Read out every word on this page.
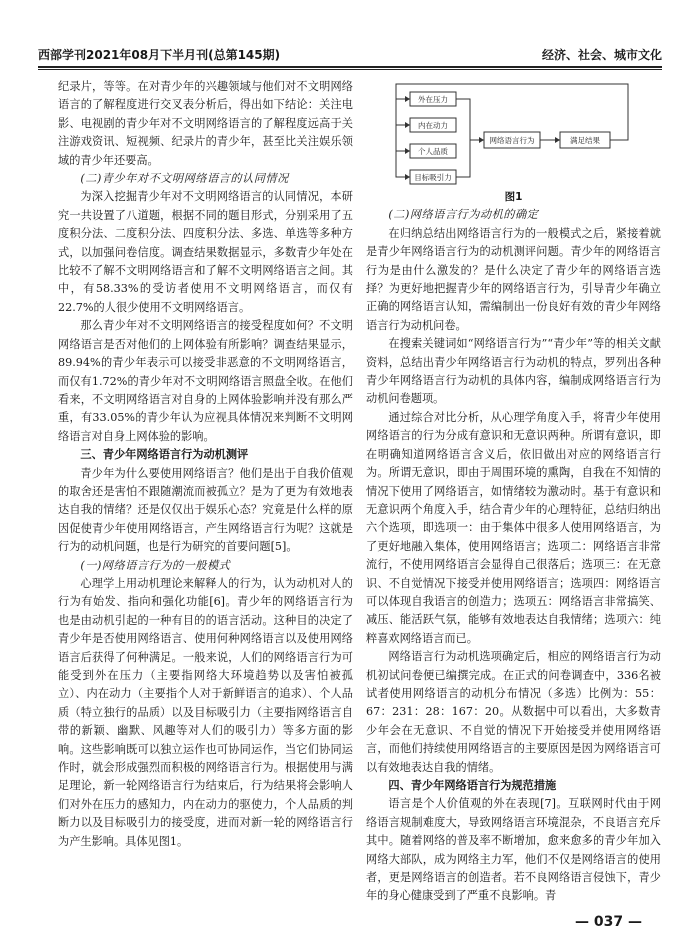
西部学刊2021年08月下半月刊(总第145期)	经济、社会、城市文化

纪录片，等等。在对青少年的兴趣领域与他们对不文明网络语言的了解程度进行交叉表分析后，得出如下结论：关注电影、电视剧的青少年对不文明网络语言的了解程度远高于关注游戏资讯、短视频、纪录片的青少年，甚至比关注娱乐领域的青少年还要高。

(二)青少年对不文明网络语言的认同情况

为深入挖掘青少年对不文明网络语言的认同情况，本研究一共设置了八道题，根据不同的题目形式，分别采用了五度积分法、二度积分法、四度积分法、多选、单选等多种方式，以加强问卷信度。调查结果数据显示，多数青少年处在比较不了解不文明网络语言和了解不文明网络语言之间。其中，有58.33%的受访者使用不文明网络语言，而仅有22.7%的人很少使用不文明网络语言。

那么青少年对不文明网络语言的接受程度如何？不文明网络语言是否对他们的上网体验有所影响？调查结果显示，89.94%的青少年表示可以接受非恶意的不文明网络语言，而仅有1.72%的青少年对不文明网络语言照盘全收。在他们看来，不文明网络语言对自身的上网体验影响并没有那么严重，有33.05%的青少年认为应视具体情况来判断不文明网络语言对自身上网体验的影响。

三、青少年网络语言行为动机测评

青少年为什么要使用网络语言？他们是出于自我价值观的取舍还是害怕不跟随潮流而被孤立？是为了更为有效地表达自我的情绪？还是仅仅出于娱乐心态？究竟是什么样的原因促使青少年使用网络语言，产生网络语言行为呢？这就是行为的动机问题，也是行为研究的首要问题[5]。

(一)网络语言行为的一般模式

心理学上用动机理论来解释人的行为，认为动机对人的行为有始发、指向和强化功能[6]。青少年的网络语言行为也是由动机引起的一种有目的的语言活动。这种目的决定了青少年是否使用网络语言、使用何种网络语言以及使用网络语言后获得了何种满足。一般来说，人们的网络语言行为可能受到外在压力（主要指网络大环境趋势以及害怕被孤立）、内在动力（主要指个人对于新鲜语言的追求）、个人品质（特立独行的品质）以及目标吸引力（主要指网络语言自带的新颖、幽默、风趣等对人们的吸引力）等多方面的影响。这些影响既可以独立运作也可协同运作，当它们协同运作时，就会形成强烈而积极的网络语言行为。根据使用与满足理论，新一轮网络语言行为结束后，行为结果将会影响人们对外在压力的感知力，内在动力的驱使力，个人品质的判断力以及目标吸引力的接受度，进而对新一轮的网络语言行为产生影响。具体见图1。

外在压力
内在动力
个人品质
目标吸引力
网络语言行为	满足结果

图1

(二)网络语言行为动机的确定

在归纳总结出网络语言行为的一般模式之后，紧接着就是青少年网络语言行为的动机测评问题。青少年的网络语言行为是由什么激发的？是什么决定了青少年的网络语言选择？为更好地把握青少年的网络语言行为，引导青少年确立正确的网络语言认知，需编制出一份良好有效的青少年网络语言行为动机问卷。

在搜索关键词如“网络语言行为”“青少年”等的相关文献资料，总结出青少年网络语言行为动机的特点，罗列出各种青少年网络语言行为动机的具体内容，编制成网络语言行为动机问卷题项。

通过综合对比分析，从心理学角度入手，将青少年使用网络语言的行为分成有意识和无意识两种。所谓有意识，即在明确知道网络语言含义后，依旧做出对应的网络语言行为。所谓无意识，即由于周围环境的熏陶，自我在不知情的情况下使用了网络语言，如情绪较为激动时。基于有意识和无意识两个角度入手，结合青少年的心理特征，总结归纳出六个选项，即选项一：由于集体中很多人使用网络语言，为了更好地融入集体，使用网络语言；选项二：网络语言非常流行，不使用网络语言会显得自己很落后；选项三：在无意识、不自觉情况下接受并使用网络语言；选项四：网络语言可以体现自我语言的创造力；选项五：网络语言非常搞笑、减压、能活跃气氛，能够有效地表达自我情绪；选项六：纯粹喜欢网络语言而已。

网络语言行为动机选项确定后，相应的网络语言行为动机初试问卷便已编撰完成。在正式的问卷调查中，336名被试者使用网络语言的动机分布情况（多选）比例为：55：67：231：28：167：20。从数据中可以看出，大多数青少年会在无意识、不自觉的情况下开始接受并使用网络语言，而他们持续使用网络语言的主要原因是因为网络语言可以有效地表达自我的情绪。

四、青少年网络语言行为规范措施

语言是个人价值观的外在表现[7]。互联网时代由于网络语言规制难度大，导致网络语言环境混杂，不良语言充斥其中。随着网络的普及率不断增加，愈来愈多的青少年加入网络大部队，成为网络主力军，他们不仅是网络语言的使用者，更是网络语言的创造者。若不良网络语言侵蚀下，青少年的身心健康受到了严重不良影响。青

— 037 —
